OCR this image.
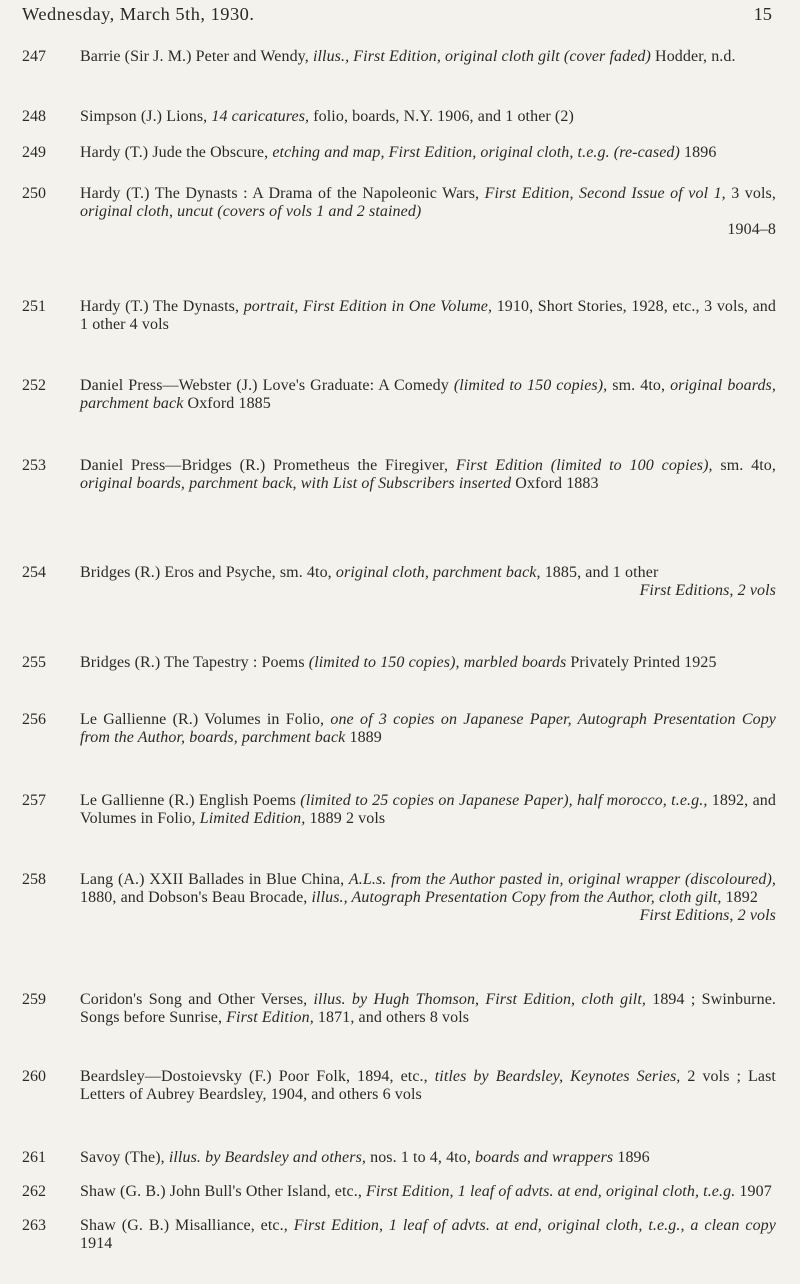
Wednesday, March 5th, 1930.	15
247	Barrie (Sir J. M.) Peter and Wendy, illus., First Edition, original cloth gilt (cover faded) Hodder, n.d.
248	Simpson (J.) Lions, 14 caricatures, folio, boards, N.Y. 1906, and 1 other (2)
249	Hardy (T.) Jude the Obscure, etching and map, First Edition, original cloth, t.e.g. (re-cased) 1896
250	Hardy (T.) The Dynasts : A Drama of the Napoleonic Wars, First Edition, Second Issue of vol 1, 3 vols, original cloth, uncut (covers of vols 1 and 2 stained)
1904–8
251	Hardy (T.) The Dynasts, portrait, First Edition in One Volume, 1910, Short Stories, 1928, etc., 3 vols, and 1 other 4 vols
252	Daniel Press—Webster (J.) Love's Graduate: A Comedy (limited to 150 copies), sm. 4to, original boards, parchment back Oxford 1885
253	Daniel Press—Bridges (R.) Prometheus the Firegiver, First Edition (limited to 100 copies), sm. 4to, original boards, parchment back, with List of Subscribers inserted Oxford 1883
254	Bridges (R.) Eros and Psyche, sm. 4to, original cloth, parchment back, 1885, and 1 other
First Editions, 2 vols
255	Bridges (R.) The Tapestry : Poems (limited to 150 copies), marbled boards Privately Printed 1925
256	Le Gallienne (R.) Volumes in Folio, one of 3 copies on Japanese Paper, Autograph Presentation Copy from the Author, boards, parchment back 1889
257	Le Gallienne (R.) English Poems (limited to 25 copies on Japanese Paper), half morocco, t.e.g., 1892, and Volumes in Folio, Limited Edition, 1889 2 vols
258	Lang (A.) XXII Ballades in Blue China, A.L.s. from the Author pasted in, original wrapper (discoloured), 1880, and Dobson's Beau Brocade, illus., Autograph Presentation Copy from the Author, cloth gilt, 1892
First Editions, 2 vols
259	Coridon's Song and Other Verses, illus. by Hugh Thomson, First Edition, cloth gilt, 1894 ; Swinburne. Songs before Sunrise, First Edition, 1871, and others 8 vols
260	Beardsley—Dostoievsky (F.) Poor Folk, 1894, etc., titles by Beardsley, Keynotes Series, 2 vols ; Last Letters of Aubrey Beardsley, 1904, and others 6 vols
261	Savoy (The), illus. by Beardsley and others, nos. 1 to 4, 4to, boards and wrappers 1896
262	Shaw (G. B.) John Bull's Other Island, etc., First Edition, 1 leaf of advts. at end, original cloth, t.e.g. 1907
263	Shaw (G. B.) Misalliance, etc., First Edition, 1 leaf of advts. at end, original cloth, t.e.g., a clean copy 1914
